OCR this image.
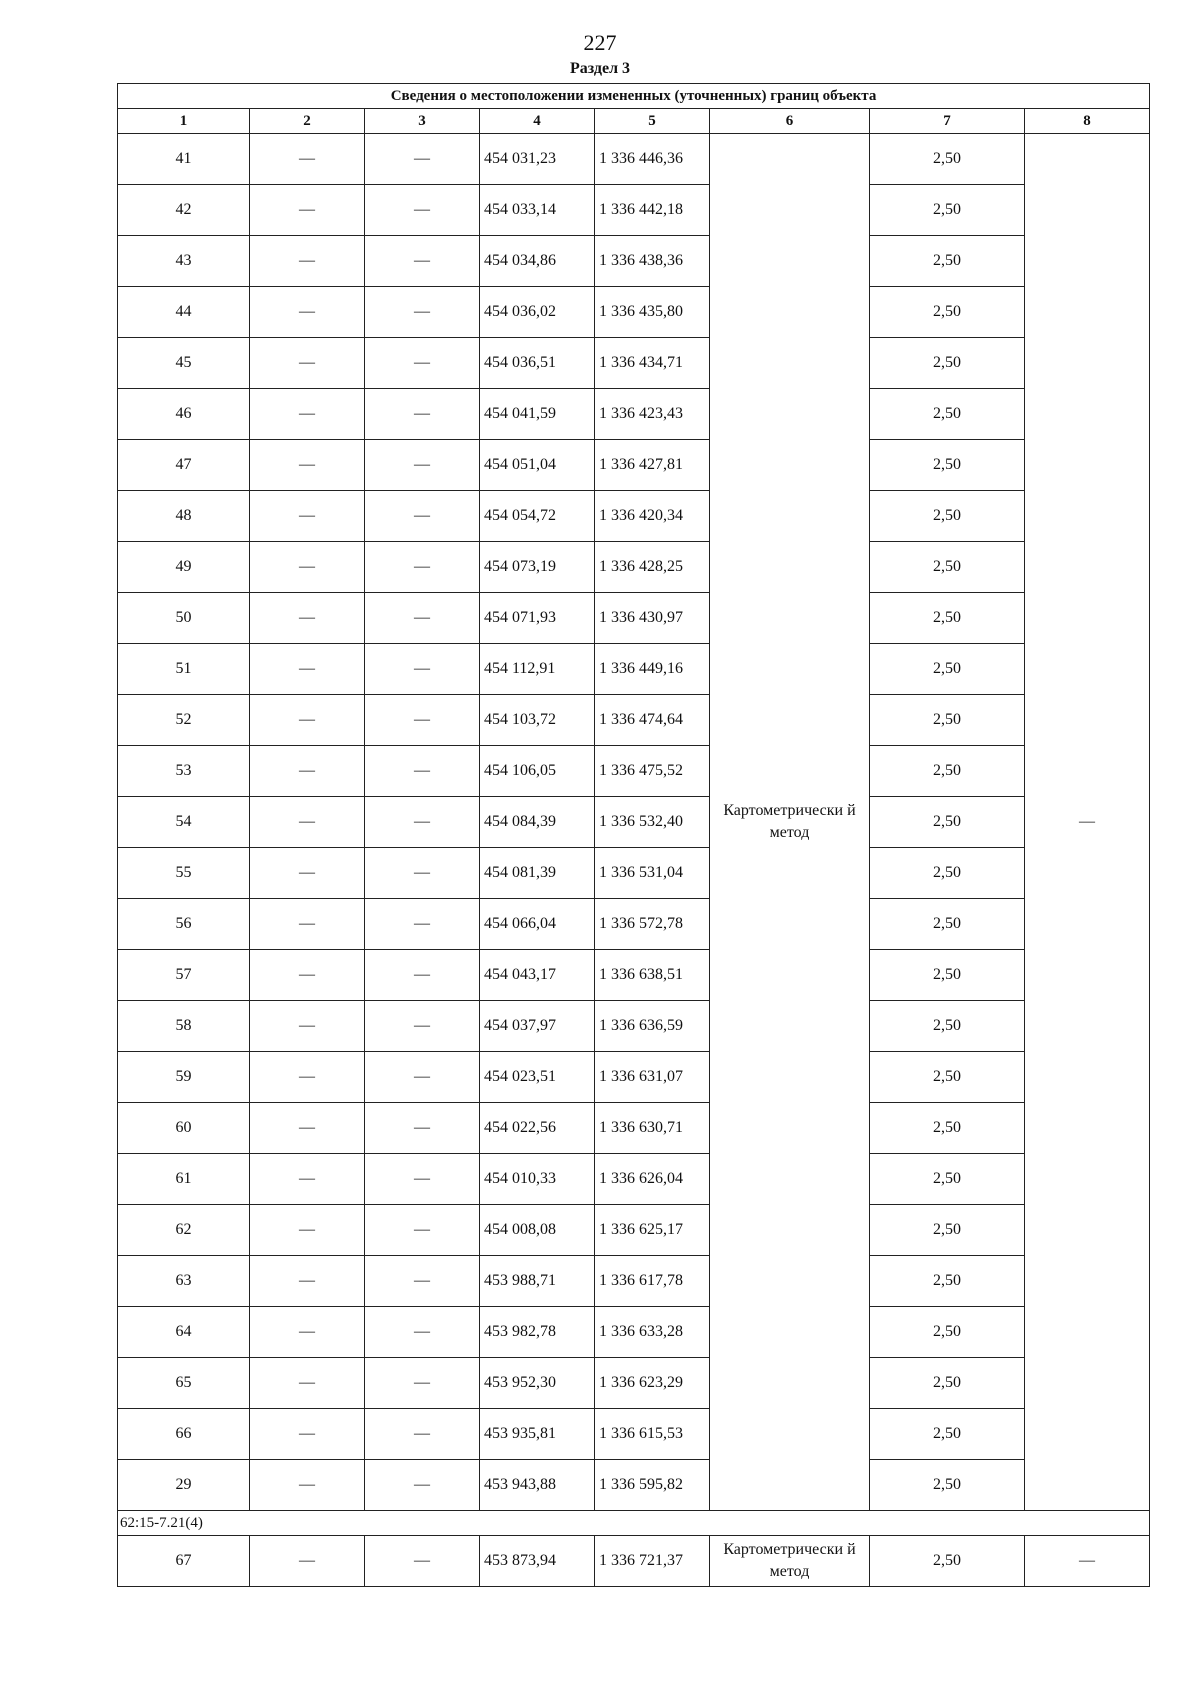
227
Раздел 3
Сведения о местоположении измененных (уточненных) границ объекта							
1	2	3	4	5	6	7	8
41	—	—	454 031,23	1 336 446,36	Картометрически й метод	2,50	—
42	—	—	454 033,14	1 336 442,18		2,50	
43	—	—	454 034,86	1 336 438,36		2,50	
44	—	—	454 036,02	1 336 435,80		2,50	
45	—	—	454 036,51	1 336 434,71		2,50	
46	—	—	454 041,59	1 336 423,43		2,50	
47	—	—	454 051,04	1 336 427,81		2,50	
48	—	—	454 054,72	1 336 420,34		2,50	
49	—	—	454 073,19	1 336 428,25		2,50	
50	—	—	454 071,93	1 336 430,97		2,50	
51	—	—	454 112,91	1 336 449,16		2,50	
52	—	—	454 103,72	1 336 474,64		2,50	
53	—	—	454 106,05	1 336 475,52		2,50	
54	—	—	454 084,39	1 336 532,40		2,50	
55	—	—	454 081,39	1 336 531,04		2,50	
56	—	—	454 066,04	1 336 572,78		2,50	
57	—	—	454 043,17	1 336 638,51		2,50	
58	—	—	454 037,97	1 336 636,59		2,50	
59	—	—	454 023,51	1 336 631,07		2,50	
60	—	—	454 022,56	1 336 630,71		2,50	
61	—	—	454 010,33	1 336 626,04		2,50	
62	—	—	454 008,08	1 336 625,17		2,50	
63	—	—	453 988,71	1 336 617,78		2,50	
64	—	—	453 982,78	1 336 633,28		2,50	
65	—	—	453 952,30	1 336 623,29		2,50	
66	—	—	453 935,81	1 336 615,53		2,50	
29	—	—	453 943,88	1 336 595,82		2,50	
62:15-7.21(4)							
67	—	—	453 873,94	1 336 721,37	Картометрически й метод	2,50	—
